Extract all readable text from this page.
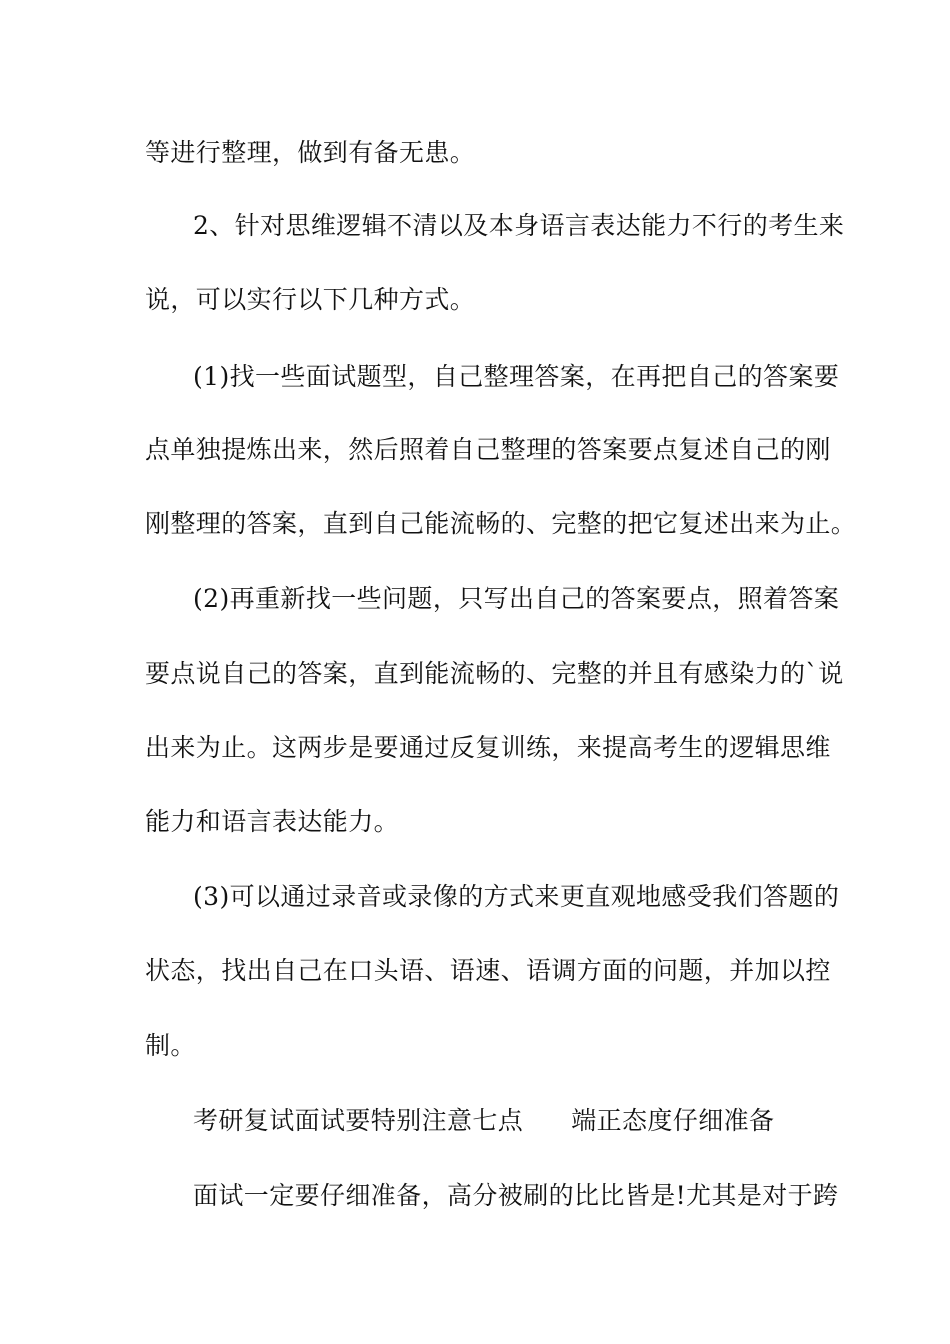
等进行整理，做到有备无患。
2、针对思维逻辑不清以及本身语言表达能力不行的考生来
说，可以实行以下几种方式。
(1)找一些面试题型，自己整理答案，在再把自己的答案要
点单独提炼出来，然后照着自己整理的答案要点复述自己的刚
刚整理的答案，直到自己能流畅的、完整的把它复述出来为止。
(2)再重新找一些问题，只写出自己的答案要点，照着答案
要点说自己的答案，直到能流畅的、完整的并且有感染力的`说
出来为止。这两步是要通过反复训练，来提高考生的逻辑思维
能力和语言表达能力。
(3)可以通过录音或录像的方式来更直观地感受我们答题的
状态，找出自己在口头语、语速、语调方面的问题，并加以控
制。
考研复试面试要特别注意七点 端正态度仔细准备
面试一定要仔细准备，高分被刷的比比皆是!尤其是对于跨
